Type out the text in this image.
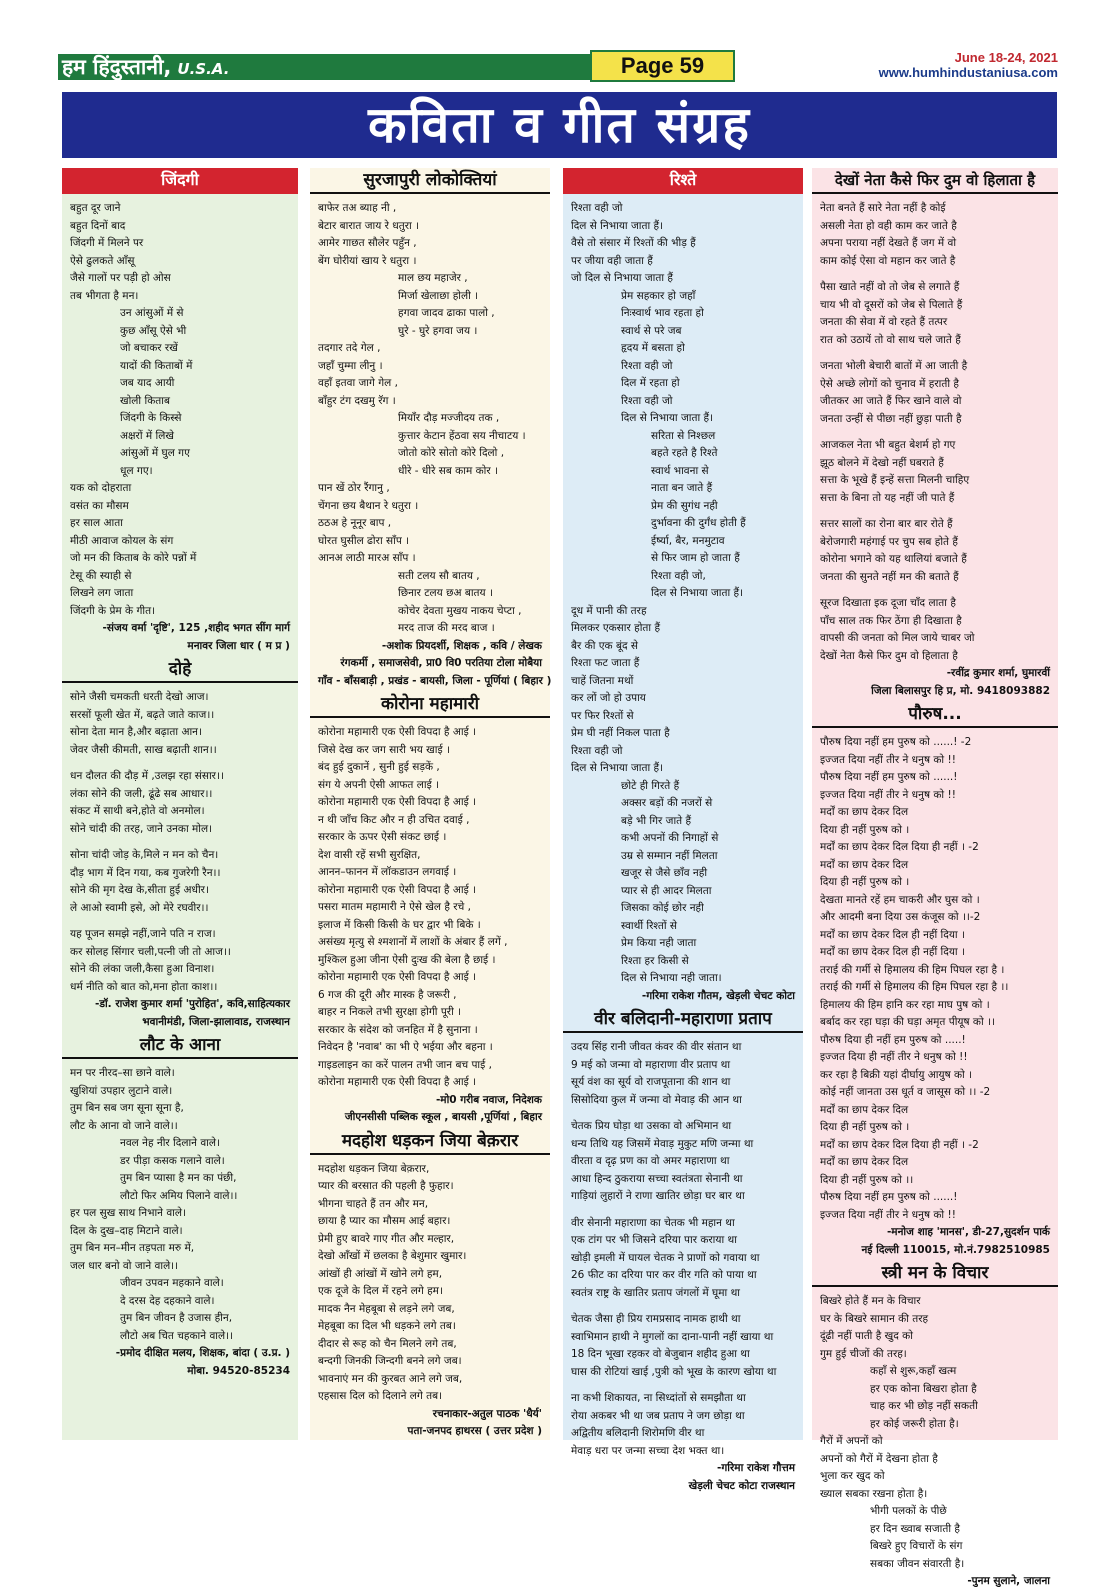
हम हिंदुस्तानी, U.S.A.	Page 59	June 18-24, 2021
www.humhindustaniusa.com
कविता व गीत संग्रह
जिंदगी
बहुत दूर जाने
बहुत दिनों बाद
जिंदगी में मिलने पर
ऐसे ढुलकते आँसू
जैसे गालों पर पड़ी हो ओस
तब भीगता है मन।
उन आंसुओं में से
कुछ आँसू ऐसे भी
जो बचाकर रखें
यादों की किताबों में
जब याद आयी
खोली किताब
जिंदगी के किस्से
अक्षरों में लिखे
आंसुओं में घुल गए
धूल गए।
यक को दोहराता
वसंत का मौसम
हर साल आता
मीठी आवाज कोयल के संग
जो मन की किताब के कोरे पन्नों में
टेसू की स्याही से
लिखने लग जाता
जिंदगी के प्रेम के गीत।
-संजय वर्मा 'दृष्टि', 125 ,शहीद भगत सींग मार्ग
मनावर जिला धार ( म प्र )
दोहे
सोने जैसी चमकती धरती देखो आज।
सरसों फूली खेत में, बढ़ते जाते काज।।
सोना देता मान है,और बढ़ाता आन।
जेवर जैसी कीमती, साख बढ़ाती शान।।
धन दौलत की दौड़ में ,उलझ रहा संसार।।
लंका सोने की जली, ढूंढे सब आधार।।
संकट में साथी बने,होते वो अनमोल।
सोने चांदी की तरह, जाने उनका मोल।
सोना चांदी जोड़ के,मिले न मन को चैन।
दौड़ भाग में दिन गया, कब गुजरेगी रैन।।
सोने की मृग देख के,सीता हुई अधीर।
ले आओ स्वामी इसे, ओ मेरे रघवीर।।
यह पूजन समझे नहीं,जाने पति न राज।
कर सोलह सिंगार चली,पत्नी जी तो आज।।
सोने की लंका जली,कैसा हुआ विनाश।
धर्म नीति को बात को,मना होता काश।।
-डॉ. राजेश कुमार शर्मा 'पुरोहित', कवि,साहित्यकार
भवानीमंडी, जिला-झालावाड, राजस्थान
लौट के आना
मन पर नीरद–सा छाने वाले।
खुशियां उपहार लुटाने वाले।
तुम बिन सब जग सूना सूना है,
लौट के आना वो जाने वाले।।
नवल नेह नीर दिलाने वाले।
डर पीड़ा कसक गलाने वाले।
तुम बिन प्यासा है मन का पंछी,
लौटो फिर अमिय पिलाने वाले।।
हर पल सुख साथ निभाने वाले।
दिल के दुख–दाह मिटाने वाले।
तुम बिन मन–मीन तड़पता मरु में,
जल धार बनो वो जाने वाले।।
जीवन उपवन महकाने वाले।
दे दरस देह दहकाने वाले।
तुम बिन जीवन है उजास हीन,
लौटो अब चित चहकाने वाले।।
-प्रमोद दीक्षित मलय, शिक्षक, बांदा ( उ.प्र. )
मोबा. 94520-85234
सुरजापुरी लोकोक्तियां
बाफेर तअ ब्याह नी ,
बेटार बारात जाय रे धतुरा ।
आमेर गाछत सौलेर पहुँन ,
बेंग घोरीयां खाय रे धतुरा ।
माल छय महाजेर ,
मिर्जा खेलाछा होली ।
हगवा जादव ढाका पालो ,
घुरे - घुरे हगवा जय ।
तदगार तदे गेल ,
जहाँ चुम्मा लीनु ।
वहाँ इतवा जागे गेल ,
बाँहुर टंग दखमु रॅग ।
मियाँर दौड़ मज्जीदय तक ,
कुत्तार केटान हेंठवा सय नीचाटय ।
जोतो कोरे सोतो कोरे दिलो ,
धीरे - धीरे सब काम कोर ।
पान खें ठोर रैंगानु ,
चेंगना छय बैथान रे धतुरा ।
ठठअ हे नूनूर बाप ,
घोरत घुसील ढोरा साँप ।
आनअ लाठी मारअ साँप ।
सती टलय सौ बातय ,
छिनार टलय छअ बातय ।
कोचेर देवता मुखय नाकय चेप्टा ,
मरद ताज की मरद बाज ।
-अशोक प्रियदर्शी, शिक्षक , कवि / लेखक
रंगकर्मी , समाजसेवी, प्रा0 वि0 परतिया टोला मोबैया
गाँव - बाँसबाड़ी , प्रखंड - बायसी, जिला - पूर्णियां ( बिहार )
कोरोना महामारी
कोरोना महामारी एक ऐसी विपदा है आई ।
जिसे देख कर जग सारी भय खाई ।
बंद हुई दुकानें , सुनी हुई सड़कें ,
संग ये अपनी ऐसी आफत लाई ।
कोरोना महामारी एक ऐसी विपदा है आई ।
न थी जाँच किट और न ही उचित दवाई ,
सरकार के ऊपर ऐसी संकट छाई ।
देश वासी रहें सभी सुरक्षित,
आनन–फानन में लॉकडाउन लगवाई ।
कोरोना महामारी एक ऐसी विपदा है आई ।
पसरा मातम महामारी ने ऐसे खेल है रचे ,
इलाज में किसी किसी के घर द्वार भी बिके ।
असंख्य मृत्यु से श्मशानों में लाशों के अंबार हैं लगें ,
मुश्किल हुआ जीना ऐसी दुःख की बेला है छाई ।
कोरोना महामारी एक ऐसी विपदा है आई ।
6 गज की दूरी और मास्क है जरूरी ,
बाहर न निकले तभी सुरक्षा होगी पूरी ।
सरकार के संदेश को जनहित में है सुनाना ।
निवेदन है 'नवाब' का भी ऐ भईया और बहना ।
गाइडलाइन का करें पालन तभी जान बच पाई ,
कोरोना महामारी एक ऐसी विपदा है आई ।
-मो0 गरीब नवाज, निदेशक
जीएनसीसी पब्लिक स्कूल , बायसी ,पूर्णियां , बिहार
मदहोश धड़कन जिया बेक़रार
मदहोश धड़कन जिया बेक़रार,
प्यार की बरसात की पहली है फुहार।
भीगना चाहते हैं तन और मन,
छाया है प्यार का मौसम आई बहार।
प्रेमी हुए बावरे गाए गीत और मल्हार,
देखो आँखों में छलका है बेशुमार खुमार।
आंखों ही आंखों में खोने लगे हम,
एक दूजे के दिल में रहने लगे हम।
मादक नैन मेहबूबा से लड़ने लगे जब,
मेहबूबा का दिल भी धड़कने लगे तब।
दीदार से रूह को चैन मिलने लगे तब,
बन्दगी जिनकी जिन्दगी बनने लगे जब।
भावनाएं मन की कुरबत आने लगे जब,
एहसास दिल को दिलाने लगे तब।
रचनाकार-अतुल पाठक 'धैर्य'
पता-जनपद हाथरस ( उत्तर प्रदेश )
रिश्ते
रिश्ता वही जो
दिल से निभाया जाता हैं।
वैसे तो संसार में रिश्तों की भीड़ हैं
पर जीया वही जाता हैं
जो दिल से निभाया जाता हैं
प्रेम सहकार हो जहाँ
निःस्वार्थ भाव रहता हो
स्वार्थ से परे जब
हृदय में बसता हो
रिश्ता वही जो
दिल में रहता हो
रिश्ता वही जो
दिल से निभाया जाता हैं।
सरिता से निश्छल
बहते रहते है रिश्ते
स्वार्थ भावना से
नाता बन जाते हैं
प्रेम की सुगंध नही
दुर्भावना की दुर्गंध होती हैं
ईर्ष्या, बैर, मनमुटाव
से फिर जाम हो जाता हैं
रिश्ता वही जो,
दिल से निभाया जाता हैं।
दूध में पानी की तरह
मिलकर एकसार होता हैं
बैर की एक बूंद से
रिश्ता फट जाता हैं
चाहें जितना मथों
कर लों जो हो उपाय
पर फिर रिश्तों से
प्रेम घी नहीं निकल पाता है
रिश्ता वही जो
दिल से निभाया जाता हैं।
छोटे ही गिरते हैं
अक्सर बड़ों की नजरों से
बड़े भी गिर जाते हैं
कभी अपनों की निगाहों से
उम्र से सम्मान नहीं मिलता
खजूर से जैसे छाँव नही
प्यार से ही आदर मिलता
जिसका कोई छोर नही
स्वार्थी रिश्तों से
प्रेम किया नही जाता
रिश्ता हर किसी से
दिल से निभाया नही जाता।
-गरिमा राकेश गौतम, खेड़ली चेचट कोटा
वीर बलिदानी-महाराणा प्रताप
उदय सिंह रानी जीवत कंवर की वीर संतान था
9 मई को जन्मा वो महाराणा वीर प्रताप था
सूर्य वंश का सूर्य वो राजपूताना की शान था
सिसोदिया कुल में जन्मा वो मेवाड़ की आन था
चेतक प्रिय घोड़ा था उसका वो अभिमान था
धन्य तिथि यह जिसमें मेवाड़ मुकुट मणि जन्मा था
वीरता व दृढ़ प्रण का वो अमर महाराणा था
आधा हिन्द ठुकराया सच्चा स्वतंत्रता सेनानी था
गाड़ियां लुहारों ने राणा खातिर छोड़ा घर बार था
वीर सेनानी महाराणा का चेतक भी महान था
एक टांग पर भी जिसने दरिया पार कराया था
खोड़ी इमली में घायल चेतक ने प्राणों को गवाया था
26 फीट का दरिया पार कर वीर गति को पाया था
स्वतंत्र राष्ट्र के खातिर प्रताप जंगलों में घूमा था
चेतक जैसा ही प्रिय रामप्रसाद नामक हाथी था
स्वाभिमान हाथी ने मुगलों का दाना-पानी नहीं खाया था
18 दिन भूखा रहकर वो बेजुबान शहीद हुआ था
घास की रोटियां खाई ,पुत्री को भूख के कारण खोया था
ना कभी शिकायत, ना सिध्दांतों से समझौता था
रोया अकबर भी था जब प्रताप ने जग छोड़ा था
अद्वितीय बलिदानी शिरोमणि वीर था
मेवाड़ धरा पर जन्मा सच्चा देश भक्त था।
-गरिमा राकेश गौत्तम
खेड़ली चेचट कोटा राजस्थान
देखों नेता कैसे फिर दुम वो हिलाता है
नेता बनते हैं सारे नेता नहीं है कोई
असली नेता हो वही काम कर जाते है
अपना पराया नहीं देखते हैं जग में वो
काम कोई ऐसा वो महान कर जाते है
पैसा खाते नहीं वो तो जेब से लगाते हैं
चाय भी वो दूसरों को जेब से पिलाते हैं
जनता की सेवा में वो रहते हैं तत्पर
रात को उठायें तो वो साथ चले जाते हैं
जनता भोली बेचारी बातों में आ जाती है
ऐसे अच्छे लोगों को चुनाव में हराती है
जीतकर आ जाते हैं फिर खाने वाले वो
जनता उन्हीं से पीछा नहीं छुड़ा पाती है
आजकल नेता भी बहुत बेशर्म हो गए
झूठ बोलने में देखो नहीं घबराते हैं
सत्ता के भूखे हैं इन्हें सत्ता मिलनी चाहिए
सत्ता के बिना तो यह नहीं जी पाते हैं
सत्तर सालों का रोना बार बार रोते हैं
बेरोजगारी महंगाई पर चुप सब होते हैं
कोरोना भगाने को यह थालियां बजाते हैं
जनता की सुनते नहीं मन की बताते हैं
सूरज दिखाता इक दूजा चाँद लाता है
पाँच साल तक फिर ठेंगा ही दिखाता है
वापसी की जनता को मिल जाये चाबर जो
देखों नेता कैसे फिर दुम वो हिलाता है
-रवींद्र कुमार शर्मा, घुमारवीं
जिला बिलासपुर हि प्र, मो. 9418093882
पौरुष...
पौरुष दिया नहीं हम पुरुष को ......! -2
इज्जत दिया नहीं तीर ने धनुष को !!
पौरुष दिया नहीं हम पुरुष को ......!
इज्जत दिया नहीं तीर ने धनुष को !!
मर्दों का छाप देकर दिल
दिया ही नहीं पुरुष को ।
मर्दों का छाप देकर दिल दिया ही नहीं । -2
मर्दों का छाप देकर दिल
दिया ही नहीं पुरुष को ।
देखता मानते रहें हम चाकरी और घुस को ।
और आदमी बना दिया उस कंजूस को ।।-2
मर्दों का छाप देकर दिल ही नहीं दिया ।
मर्दों का छाप देकर दिल ही नहीं दिया ।
तराई की गर्मी से हिमालय की हिम पिघल रहा है ।
तराई की गर्मी से हिमालय की हिम पिघल रहा है ।।
हिमालय की हिम हानि कर रहा माघ पुष को ।
बर्बाद कर रहा घड़ा की घड़ा अमृत पीयूष को ।।
पौरुष दिया ही नहीं हम पुरुष को .....!
इज्जत दिया ही नहीं तीर ने धनुष को !!
कर रहा है बिक्री यहां दीर्घायु आयुष को ।
कोई नहीं जानता उस धूर्त व जासूस को ।। -2
मर्दों का छाप देकर दिल
दिया ही नहीं पुरुष को ।
मर्दों का छाप देकर दिल दिया ही नहीं । -2
मर्दों का छाप देकर दिल
दिया ही नहीं पुरुष को ।।
पौरुष दिया नहीं हम पुरुष को ......!
इज्जत दिया नहीं तीर ने धनुष को !!
-मनोज शाह 'मानस', डी-27,सुदर्शन पार्क
नई दिल्ली 110015, मो.नं.7982510985
स्त्री मन के विचार
बिखरे होते हैं मन के विचार
घर के बिखरे सामान की तरह
दूंढी नहीं पाती है खुद को
गुम हुई चीजों की तरह।
कहाँ से शुरू,कहाँ खत्म
हर एक कोना बिखरा होता है
चाह कर भी छोड़ नहीं सकती
हर कोई जरूरी होता है।
गैरों में अपनों को
अपनों को गैरों में देखना होता है
भुला कर खुद को
ख्याल सबका रखना होता है।
भीगी पलकों के पीछे
हर दिन ख्वाब सजाती है
बिखरे हुए विचारों के संग
सबका जीवन संवारती है।
-पुनम सुलाने, जालना
